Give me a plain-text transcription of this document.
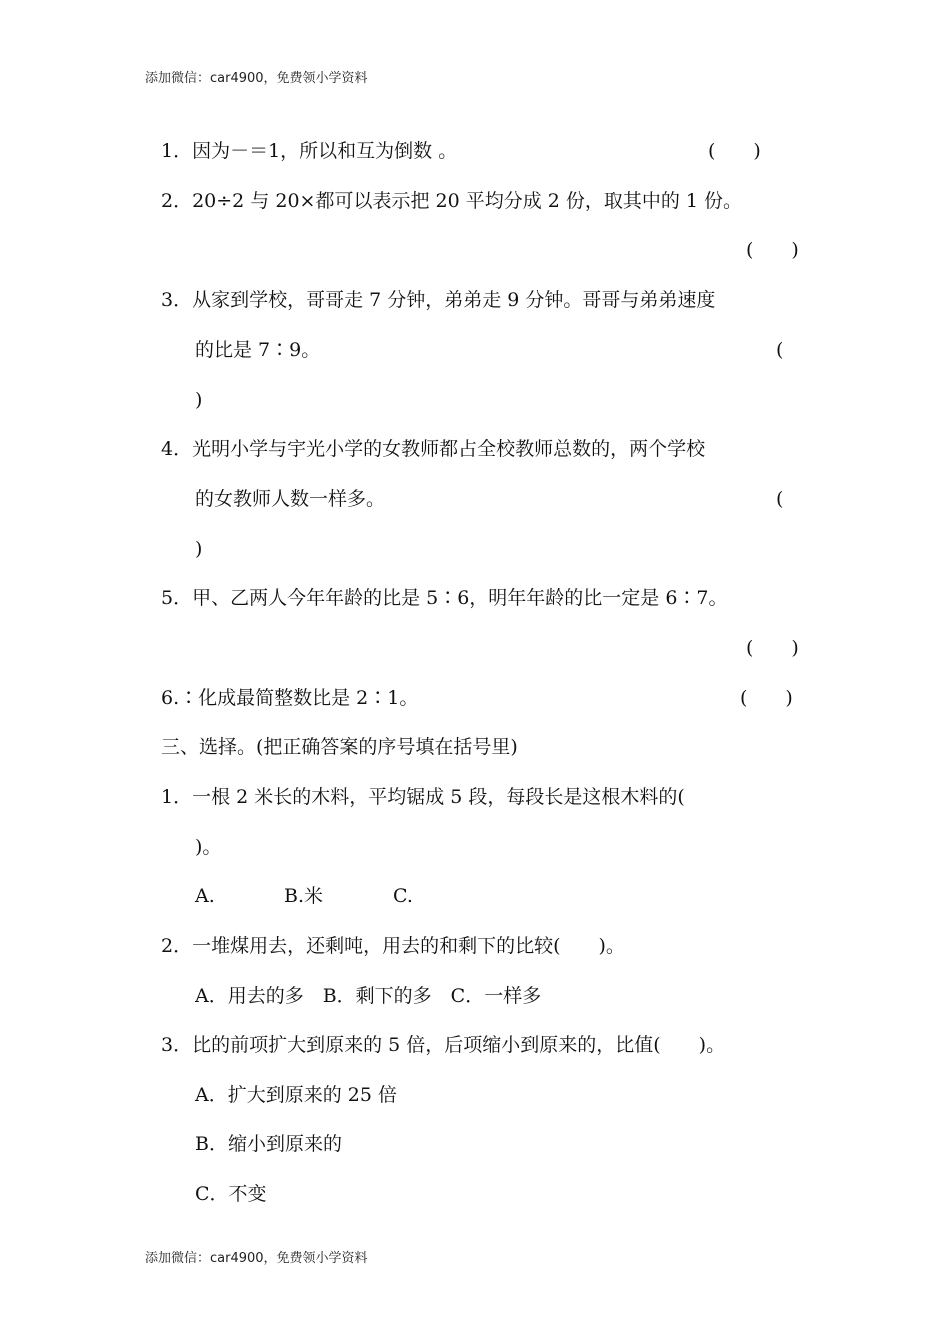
添加微信：car4900，免费领小学资料
1．因为－＝1，所以和互为倒数 。	(　　)
2．20÷2 与 20×都可以表示把 20 平均分成 2 份，取其中的 1 份。
(　　)
3．从家到学校，哥哥走 7 分钟，弟弟走 9 分钟。哥哥与弟弟速度
的比是 7∶9。	(
)
4．光明小学与宇光小学的女教师都占全校教师总数的，两个学校
的女教师人数一样多。	(
)
5．甲、乙两人今年年龄的比是 5∶6，明年年龄的比一定是 6∶7。
(　　)
6.∶化成最简整数比是 2∶1。	(　　)
三、选择。(把正确答案的序号填在括号里)
1．一根 2 米长的木料，平均锯成 5 段，每段长是这根木料的(
)。
A.	B.米	C.
2．一堆煤用去，还剩吨，用去的和剩下的比较(　　)。
A．用去的多　B．剩下的多　C．一样多
3．比的前项扩大到原来的 5 倍，后项缩小到原来的，比值(　　)。
A．扩大到原来的 25 倍
B．缩小到原来的
C．不变
添加微信：car4900，免费领小学资料
